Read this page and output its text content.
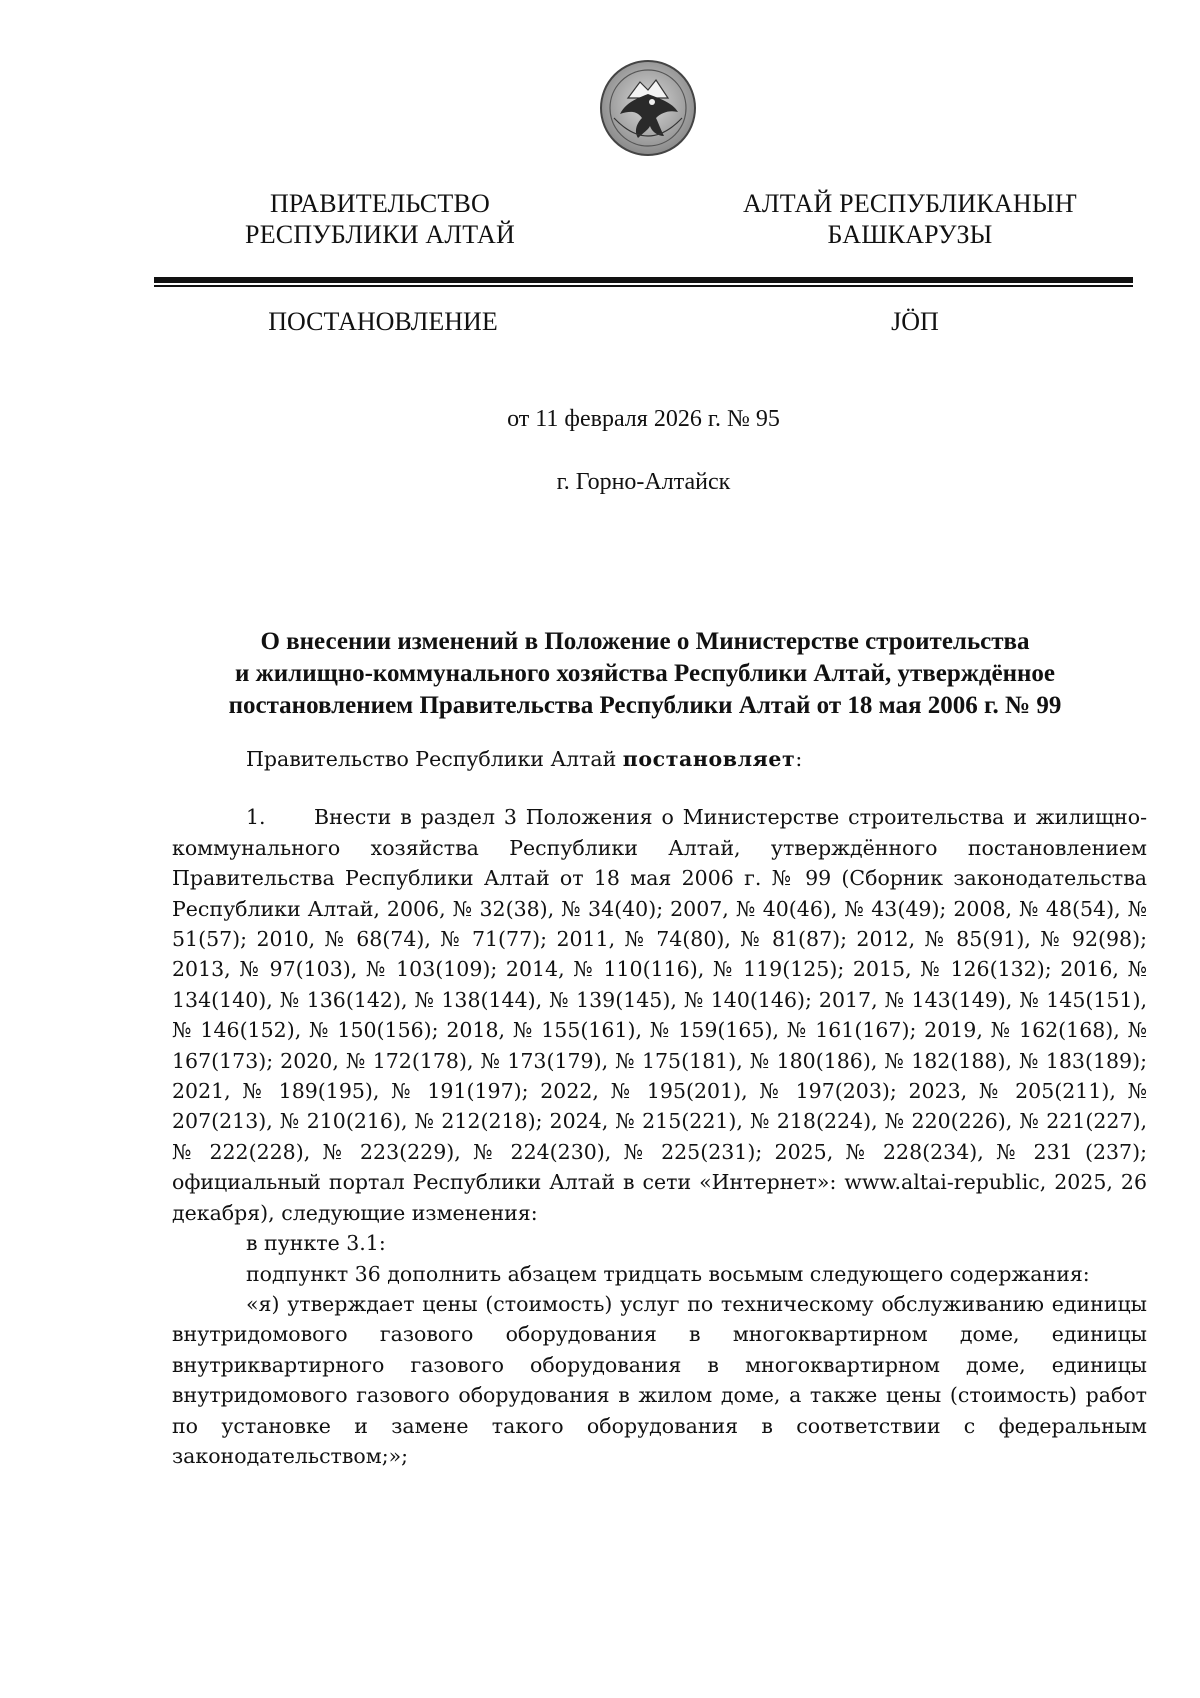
ПРАВИТЕЛЬСТВО
РЕСПУБЛИКИ АЛТАЙ
АЛТАЙ РЕСПУБЛИКАНЫҤ
БАШКАРУЗЫ
ПОСТАНОВЛЕНИЕ	ЈӦП
от 11 февраля 2026 г. № 95
г. Горно-Алтайск
О внесении изменений в Положение о Министерстве строительства
и жилищно-коммунального хозяйства Республики Алтай, утверждённое
постановлением Правительства Республики Алтай от 18 мая 2006 г. № 99

Правительство Республики Алтай постановляет:

1. Внести в раздел 3 Положения о Министерстве строительства и жилищно-коммунального хозяйства Республики Алтай, утверждённого постановлением Правительства Республики Алтай от 18 мая 2006 г. № 99 (Сборник законодательства Республики Алтай, 2006, № 32(38), № 34(40); 2007, № 40(46), № 43(49); 2008, № 48(54), № 51(57); 2010, № 68(74), № 71(77); 2011, № 74(80), № 81(87); 2012, № 85(91), № 92(98); 2013, № 97(103), № 103(109); 2014, № 110(116), № 119(125); 2015, № 126(132); 2016, № 134(140), № 136(142), № 138(144), № 139(145), № 140(146); 2017, № 143(149), № 145(151), № 146(152), № 150(156); 2018, № 155(161), № 159(165), № 161(167); 2019, № 162(168), № 167(173); 2020, № 172(178), № 173(179), № 175(181), № 180(186), № 182(188), № 183(189); 2021, № 189(195), № 191(197); 2022, № 195(201), № 197(203); 2023, № 205(211), № 207(213), № 210(216), № 212(218); 2024, № 215(221), № 218(224), № 220(226), № 221(227), № 222(228), № 223(229), № 224(230), № 225(231); 2025, № 228(234), № 231 (237); официальный портал Республики Алтай в сети «Интернет»: www.altai-republic, 2025, 26 декабря), следующие изменения:

в пункте 3.1:

подпункт 36 дополнить абзацем тридцать восьмым следующего содержания:

«я) утверждает цены (стоимость) услуг по техническому обслуживанию единицы внутридомового газового оборудования в многоквартирном доме, единицы внутриквартирного газового оборудования в многоквартирном доме, единицы внутридомового газового оборудования в жилом доме, а также цены (стоимость) работ по установке и замене такого оборудования в соответствии с федеральным законодательством;»;
